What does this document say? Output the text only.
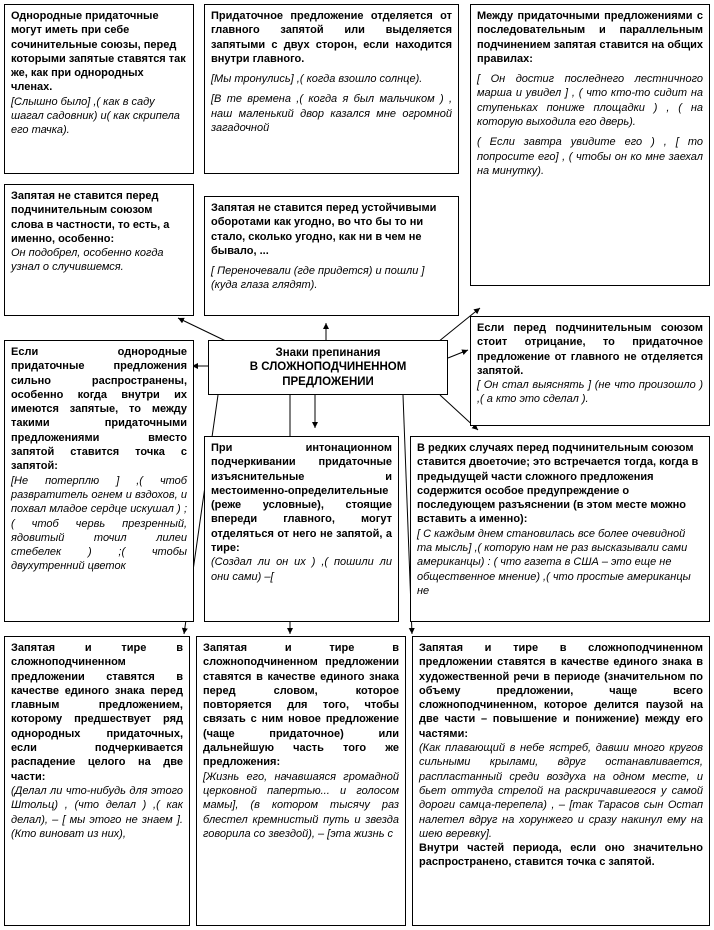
Однородные придаточные могут иметь при себе сочинительные союзы, перед которыми запятые ставятся так же, как при однородных членах.

[Слышно было] ,( как в саду шагал садовник) и( как скрипела его тачка).

Придаточное предложение отделяется от главного запятой или выделяется запятыми с двух сторон, если находится внутри главного.

[Мы тронулись] ,( когда взошло солнце).

[В те времена ,( когда я был мальчиком ) , наш маленький двор казался мне огромной загадочной

Между придаточными предложениями с последовательным и параллельным подчинением запятая ставится на общих правилах:

[ Он достиг последнего лестничного марша и увидел ] , ( что кто-то сидит на ступеньках пониже площадки ) , ( на которую выходила его дверь).

( Если завтра увидите его ) , [ то попросите его] , ( чтобы он ко мне заехал на минутку).

Запятая не ставится перед подчинительным союзом слова в частности, то есть, а именно, особенно:

Он подобрел, особенно когда узнал о случившемся.

Запятая не ставится перед устойчивыми оборотами как угодно, во что бы то ни стало, сколько угодно, как ни в чем не бывало, ...

[ Переночевали (где придется) и пошли ] (куда глаза глядят).

Если перед подчинительным союзом стоит отрицание, то придаточное предложение от главного не отделяется запятой.

[ Он стал выяснять ] (не что произошло ) ,( а кто это сделал ).

Знаки препинания
В СЛОЖНОПОДЧИНЕННОМ ПРЕДЛОЖЕНИИ

Если однородные придаточные предложения сильно распространены, особенно когда внутри их имеются запятые, то между такими придаточными предложениями вместо запятой ставится точка с запятой:

[Не потерплю ] ,( чтоб развратитель огнем и вздохов, и похвал младое сердце искушал ) ;( чтоб червь презренный, ядовитый точил лилеи стебелек ) ;( чтобы двухутренний цветок

При интонационном подчеркивании придаточные изъяснительные и местоименно-определительные (реже условные), стоящие впереди главного, могут отделяться от него не запятой, а тире:

(Создал ли он их ) ,( пошили ли они сами) –[

В редких случаях перед подчинительным союзом ставится двоеточие; это встречается тогда, когда в предыдущей части сложного предложения содержится особое предупреждение о последующем разъяснении (в этом месте можно вставить а именно):

[ С каждым днем становилась все более очевидной та мысль] ,( которую нам не раз высказывали сами американцы) : ( что газета в США – это еще не общественное мнение) ,( что простые американцы не

Запятая и тире в сложноподчиненном предложении ставятся в качестве единого знака перед главным предложением, которому предшествует ряд однородных придаточных, если подчеркивается распадение целого на две части:

(Делал ли что-нибудь для этого Штольц) , (что делал ) ,( как делал), – [ мы этого не знаем ]. (Кто виноват из них),

Запятая и тире в сложноподчиненном предложении ставятся в качестве единого знака перед словом, которое повторяется для того, чтобы связать с ним новое предложение (чаще придаточное) или дальнейшую часть того же предложения:

[Жизнь его, начавшаяся громадной церковной папертью... и голосом мамы], (в котором тысячу раз блестел кремнистый путь и звезда говорила со звездой), – [эта жизнь с

Запятая и тире в сложноподчиненном предложении ставятся в качестве единого знака в художественной речи в периоде (значительном по объему предложении, чаще всего сложноподчиненном, которое делится паузой на две части – повышение и понижение) между его частями:

(Как плавающий в небе ястреб, давши много кругов сильными крылами, вдруг останавливается, распластанный среди воздуха на одном месте, и бьет оттуда стрелой на раскричавшегося у самой дороги самца-перепела) , – [так Тарасов сын Остап налетел вдруг на хорунжего и сразу накинул ему на шею веревку].

Внутри частей периода, если оно значительно распространено, ставится точка с запятой.
